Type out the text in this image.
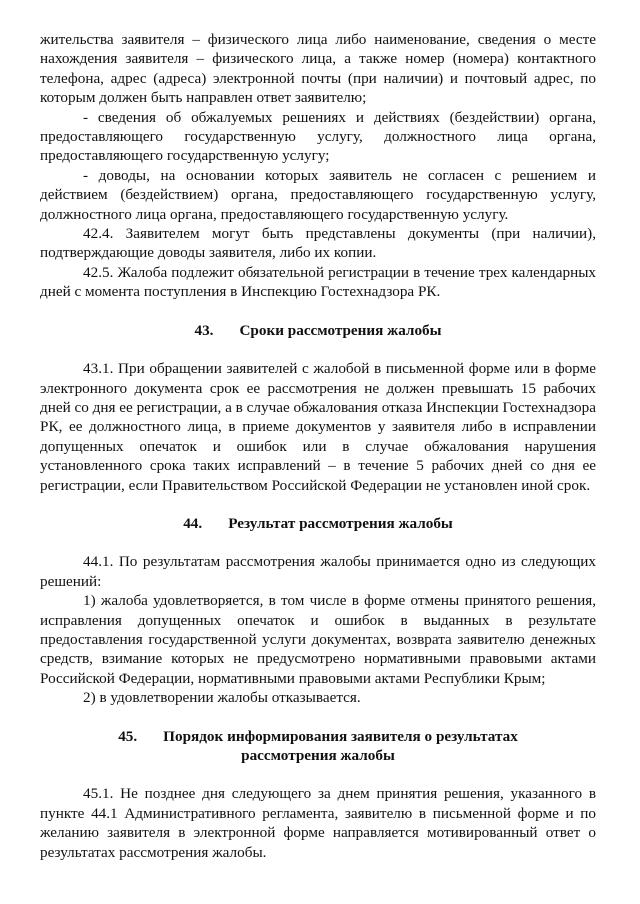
жительства заявителя – физического лица либо наименование, сведения о месте нахождения заявителя – физического лица, а также номер (номера) контактного телефона, адрес (адреса) электронной почты (при наличии) и почтовый адрес, по которым должен быть направлен ответ заявителю;

- сведения об обжалуемых решениях и действиях (бездействии) органа, предоставляющего государственную услугу, должностного лица органа, предоставляющего государственную услугу;

- доводы, на основании которых заявитель не согласен с решением и действием (бездействием) органа, предоставляющего государственную услугу, должностного лица органа, предоставляющего государственную услугу.

42.4. Заявителем могут быть представлены документы (при наличии), подтверждающие доводы заявителя, либо их копии.

42.5. Жалоба подлежит обязательной регистрации в течение трех календарных дней с момента поступления в Инспекцию Гостехнадзора РК.

43. Сроки рассмотрения жалобы

43.1. При обращении заявителей с жалобой в письменной форме или в форме электронного документа срок ее рассмотрения не должен превышать 15 рабочих дней со дня ее регистрации, а в случае обжалования отказа Инспекции Гостехнадзора РК, ее должностного лица, в приеме документов у заявителя либо в исправлении допущенных опечаток и ошибок или в случае обжалования нарушения установленного срока таких исправлений – в течение 5 рабочих дней со дня ее регистрации, если Правительством Российской Федерации не установлен иной срок.

44. Результат рассмотрения жалобы

44.1. По результатам рассмотрения жалобы принимается одно из следующих решений:

1) жалоба удовлетворяется, в том числе в форме отмены принятого решения, исправления допущенных опечаток и ошибок в выданных в результате предоставления государственной услуги документах, возврата заявителю денежных средств, взимание которых не предусмотрено нормативными правовыми актами Российской Федерации, нормативными правовыми актами Республики Крым;

2) в удовлетворении жалобы отказывается.

45. Порядок информирования заявителя о результатах
рассмотрения жалобы

45.1. Не позднее дня следующего за днем принятия решения, указанного в пункте 44.1 Административного регламента, заявителю в письменной форме и по желанию заявителя в электронной форме направляется мотивированный ответ о результатах рассмотрения жалобы.
